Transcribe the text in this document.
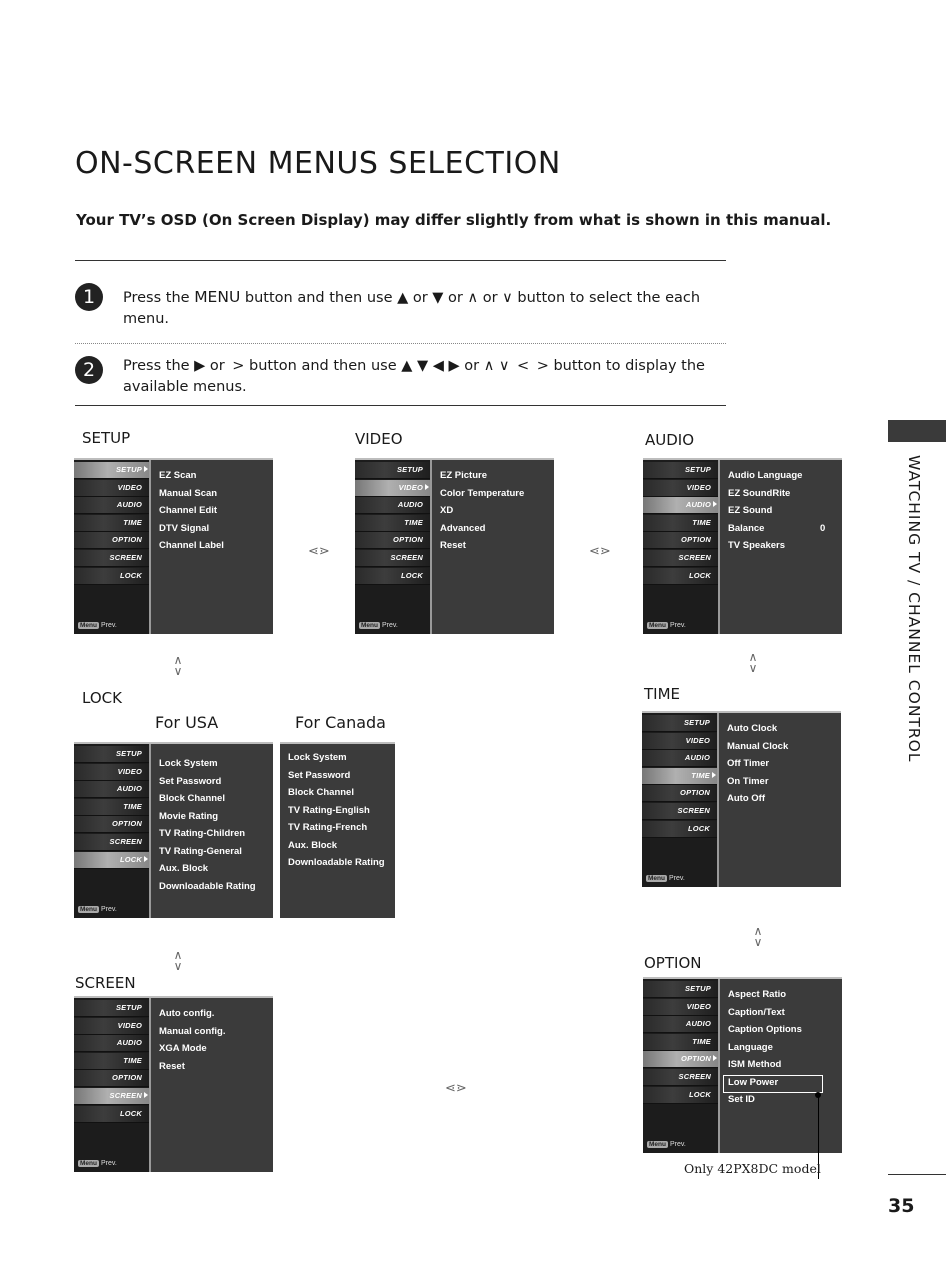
ON-SCREEN MENUS SELECTION

Your TV’s OSD (On Screen Display) may differ slightly from what is shown in this manual.

1	Press the MENU button and then use ▲ or ▼ or ∧ or ∨ button to select the each menu.

2	Press the ▶ or  > button and then use ▲ ▼ ◀ ▶ or ∧ ∨  <  > button to display the available menus.

SETUP	VIDEO	AUDIO
LOCK
For USA	For Canada
TIME
SCREEN
OPTION
SETUP
VIDEO
AUDIO
TIME
OPTION
SCREEN
LOCK
Menu Prev.
EZ Scan
Manual Scan
Channel Edit
DTV Signal
Channel Label
SETUP
VIDEO
AUDIO
TIME
OPTION
SCREEN
LOCK
Menu Prev.
EZ Picture
Color Temperature
XD
Advanced
Reset
SETUP
VIDEO
AUDIO
TIME
OPTION
SCREEN
LOCK
Menu Prev.
Audio Language
EZ SoundRite
EZ Sound
Balance	0
TV Speakers
SETUP
VIDEO
AUDIO
TIME
OPTION
SCREEN
LOCK
Menu Prev.
Lock System
Set Password
Block Channel
Movie Rating
TV Rating-Children
TV Rating-General
Aux. Block
Downloadable Rating
Lock System
Set Password
Block Channel
TV Rating-English
TV Rating-French
Aux. Block
Downloadable Rating
SETUP
VIDEO
AUDIO
TIME
OPTION
SCREEN
LOCK
Menu Prev.
Auto Clock
Manual Clock
Off Timer
On Timer
Auto Off
SETUP
VIDEO
AUDIO
TIME
OPTION
SCREEN
LOCK
Menu Prev.
Auto config.
Manual config.
XGA Mode
Reset
SETUP
VIDEO
AUDIO
TIME
OPTION
SCREEN
LOCK
Menu Prev.
Aspect Ratio
Caption/Text
Caption Options
Language
ISM Method
Low Power
Set ID
⋖⋗	⋖⋗
⋖⋗
∧
∨
∧
∨
∧
∨
∧
∨
Only 42PX8DC model
WATCHING TV / CHANNEL CONTROL
35
